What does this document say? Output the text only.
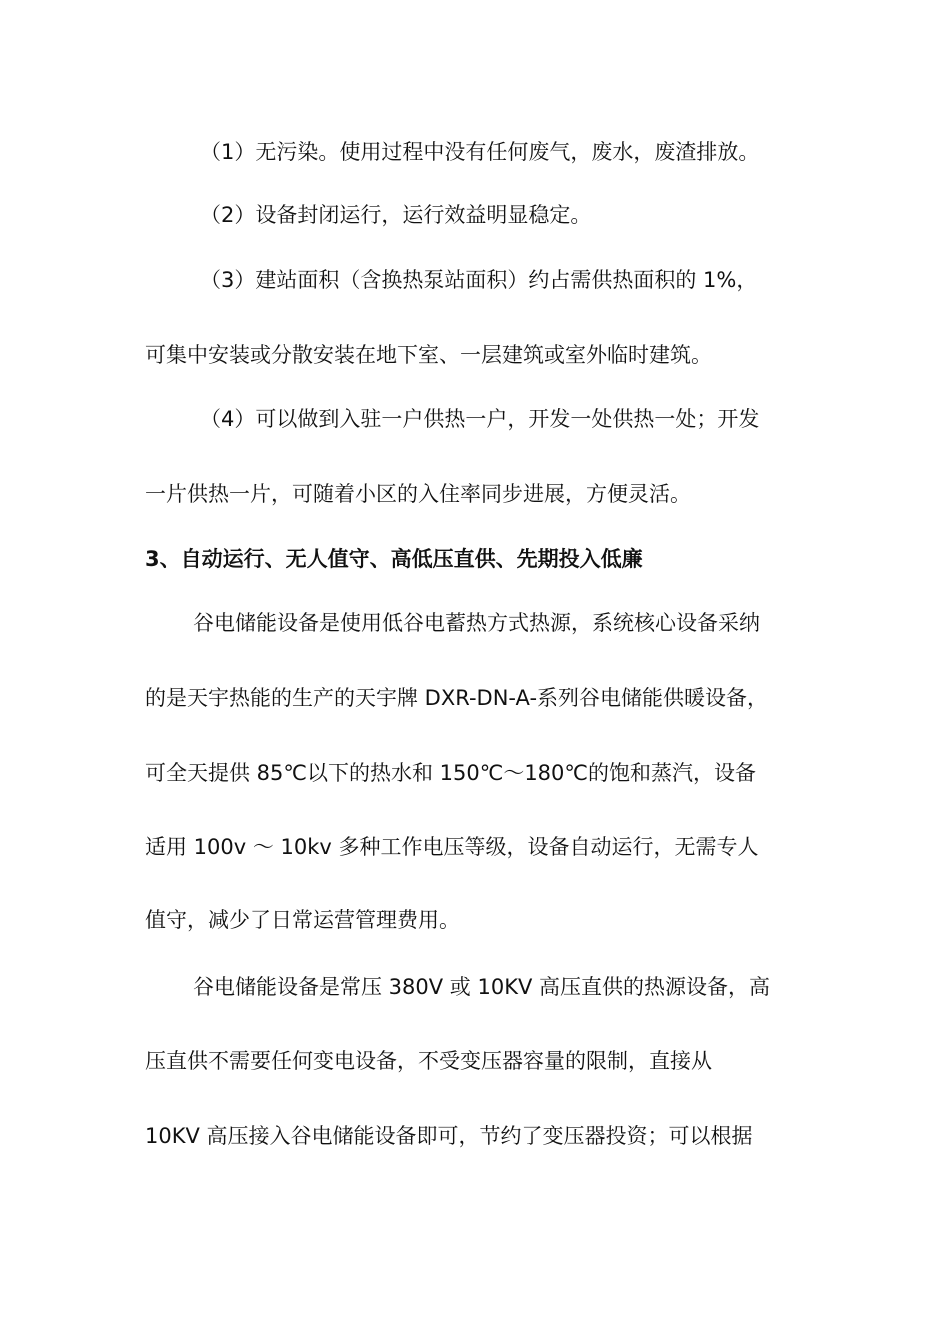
（1）无污染。使用过程中没有任何废气，废水，废渣排放。
（2）设备封闭运行，运行效益明显稳定。
（3）建站面积（含换热泵站面积）约占需供热面积的 1%，
可集中安装或分散安装在地下室、一层建筑或室外临时建筑。
（4）可以做到入驻一户供热一户，开发一处供热一处；开发
一片供热一片，可随着小区的入住率同步进展，方便灵活。
3、自动运行、无人值守、高低压直供、先期投入低廉
谷电储能设备是使用低谷电蓄热方式热源，系统核心设备采纳
的是天宇热能的生产的天宇牌 DXR-DN-A-系列谷电储能供暖设备，
可全天提供 85℃以下的热水和 150℃～180℃的饱和蒸汽，设备
适用 100v ～ 10kv 多种工作电压等级，设备自动运行，无需专人
值守，减少了日常运营管理费用。
谷电储能设备是常压 380V 或 10KV 高压直供的热源设备，高
压直供不需要任何变电设备，不受变压器容量的限制，直接从
10KV 高压接入谷电储能设备即可，节约了变压器投资；可以根据
